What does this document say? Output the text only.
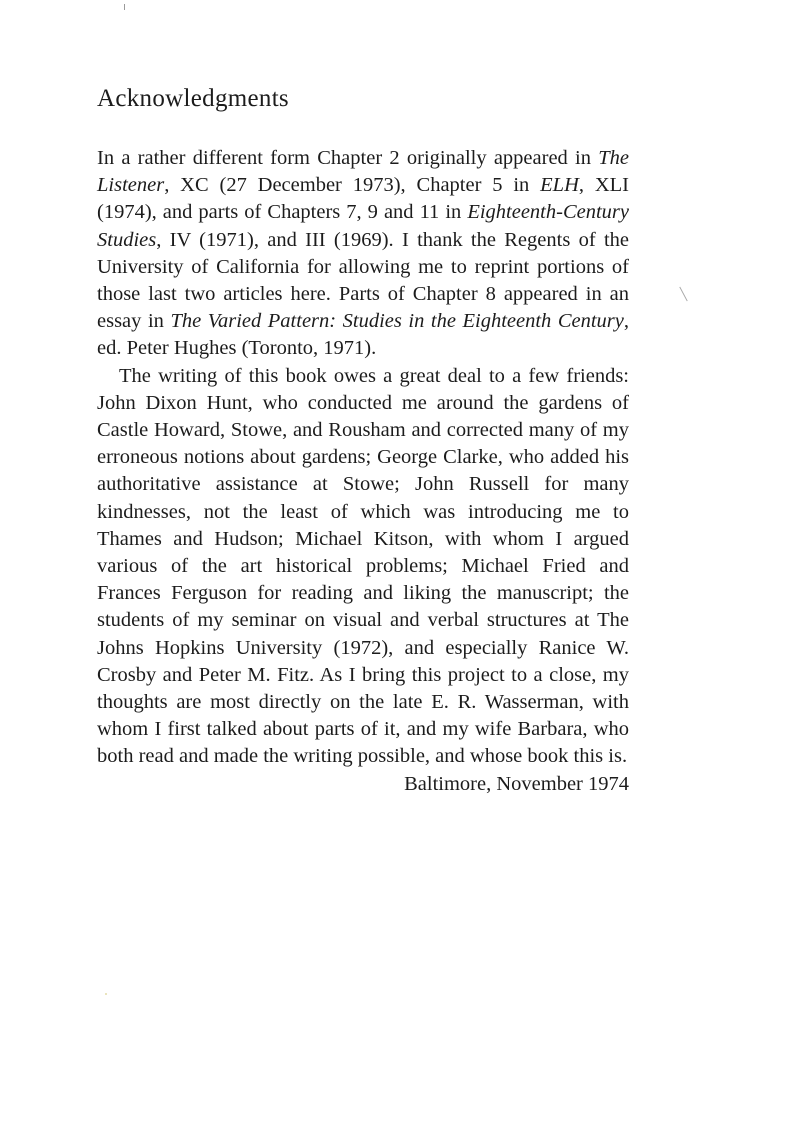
Acknowledgments

In a rather different form Chapter 2 originally appeared in The Listener, XC (27 December 1973), Chapter 5 in ELH, XLI (1974), and parts of Chapters 7, 9 and 11 in Eighteenth-Century Studies, IV (1971), and III (1969). I thank the Regents of the University of California for allowing me to reprint portions of those last two articles here. Parts of Chapter 8 appeared in an essay in The Varied Pattern: Studies in the Eighteenth Century, ed. Peter Hughes (Toronto, 1971).

The writing of this book owes a great deal to a few friends: John Dixon Hunt, who conducted me around the gardens of Castle Howard, Stowe, and Rousham and corrected many of my erroneous notions about gardens; George Clarke, who added his authoritative assistance at Stowe; John Russell for many kindnesses, not the least of which was introducing me to Thames and Hudson; Michael Kitson, with whom I argued various of the art historical problems; Michael Fried and Frances Ferguson for reading and liking the manuscript; the students of my seminar on visual and verbal structures at The Johns Hopkins University (1972), and especially Ranice W. Crosby and Peter M. Fitz. As I bring this project to a close, my thoughts are most directly on the late E. R. Wasserman, with whom I first talked about parts of it, and my wife Barbara, who both read and made the writing possible, and whose book this is.

Baltimore, November 1974
